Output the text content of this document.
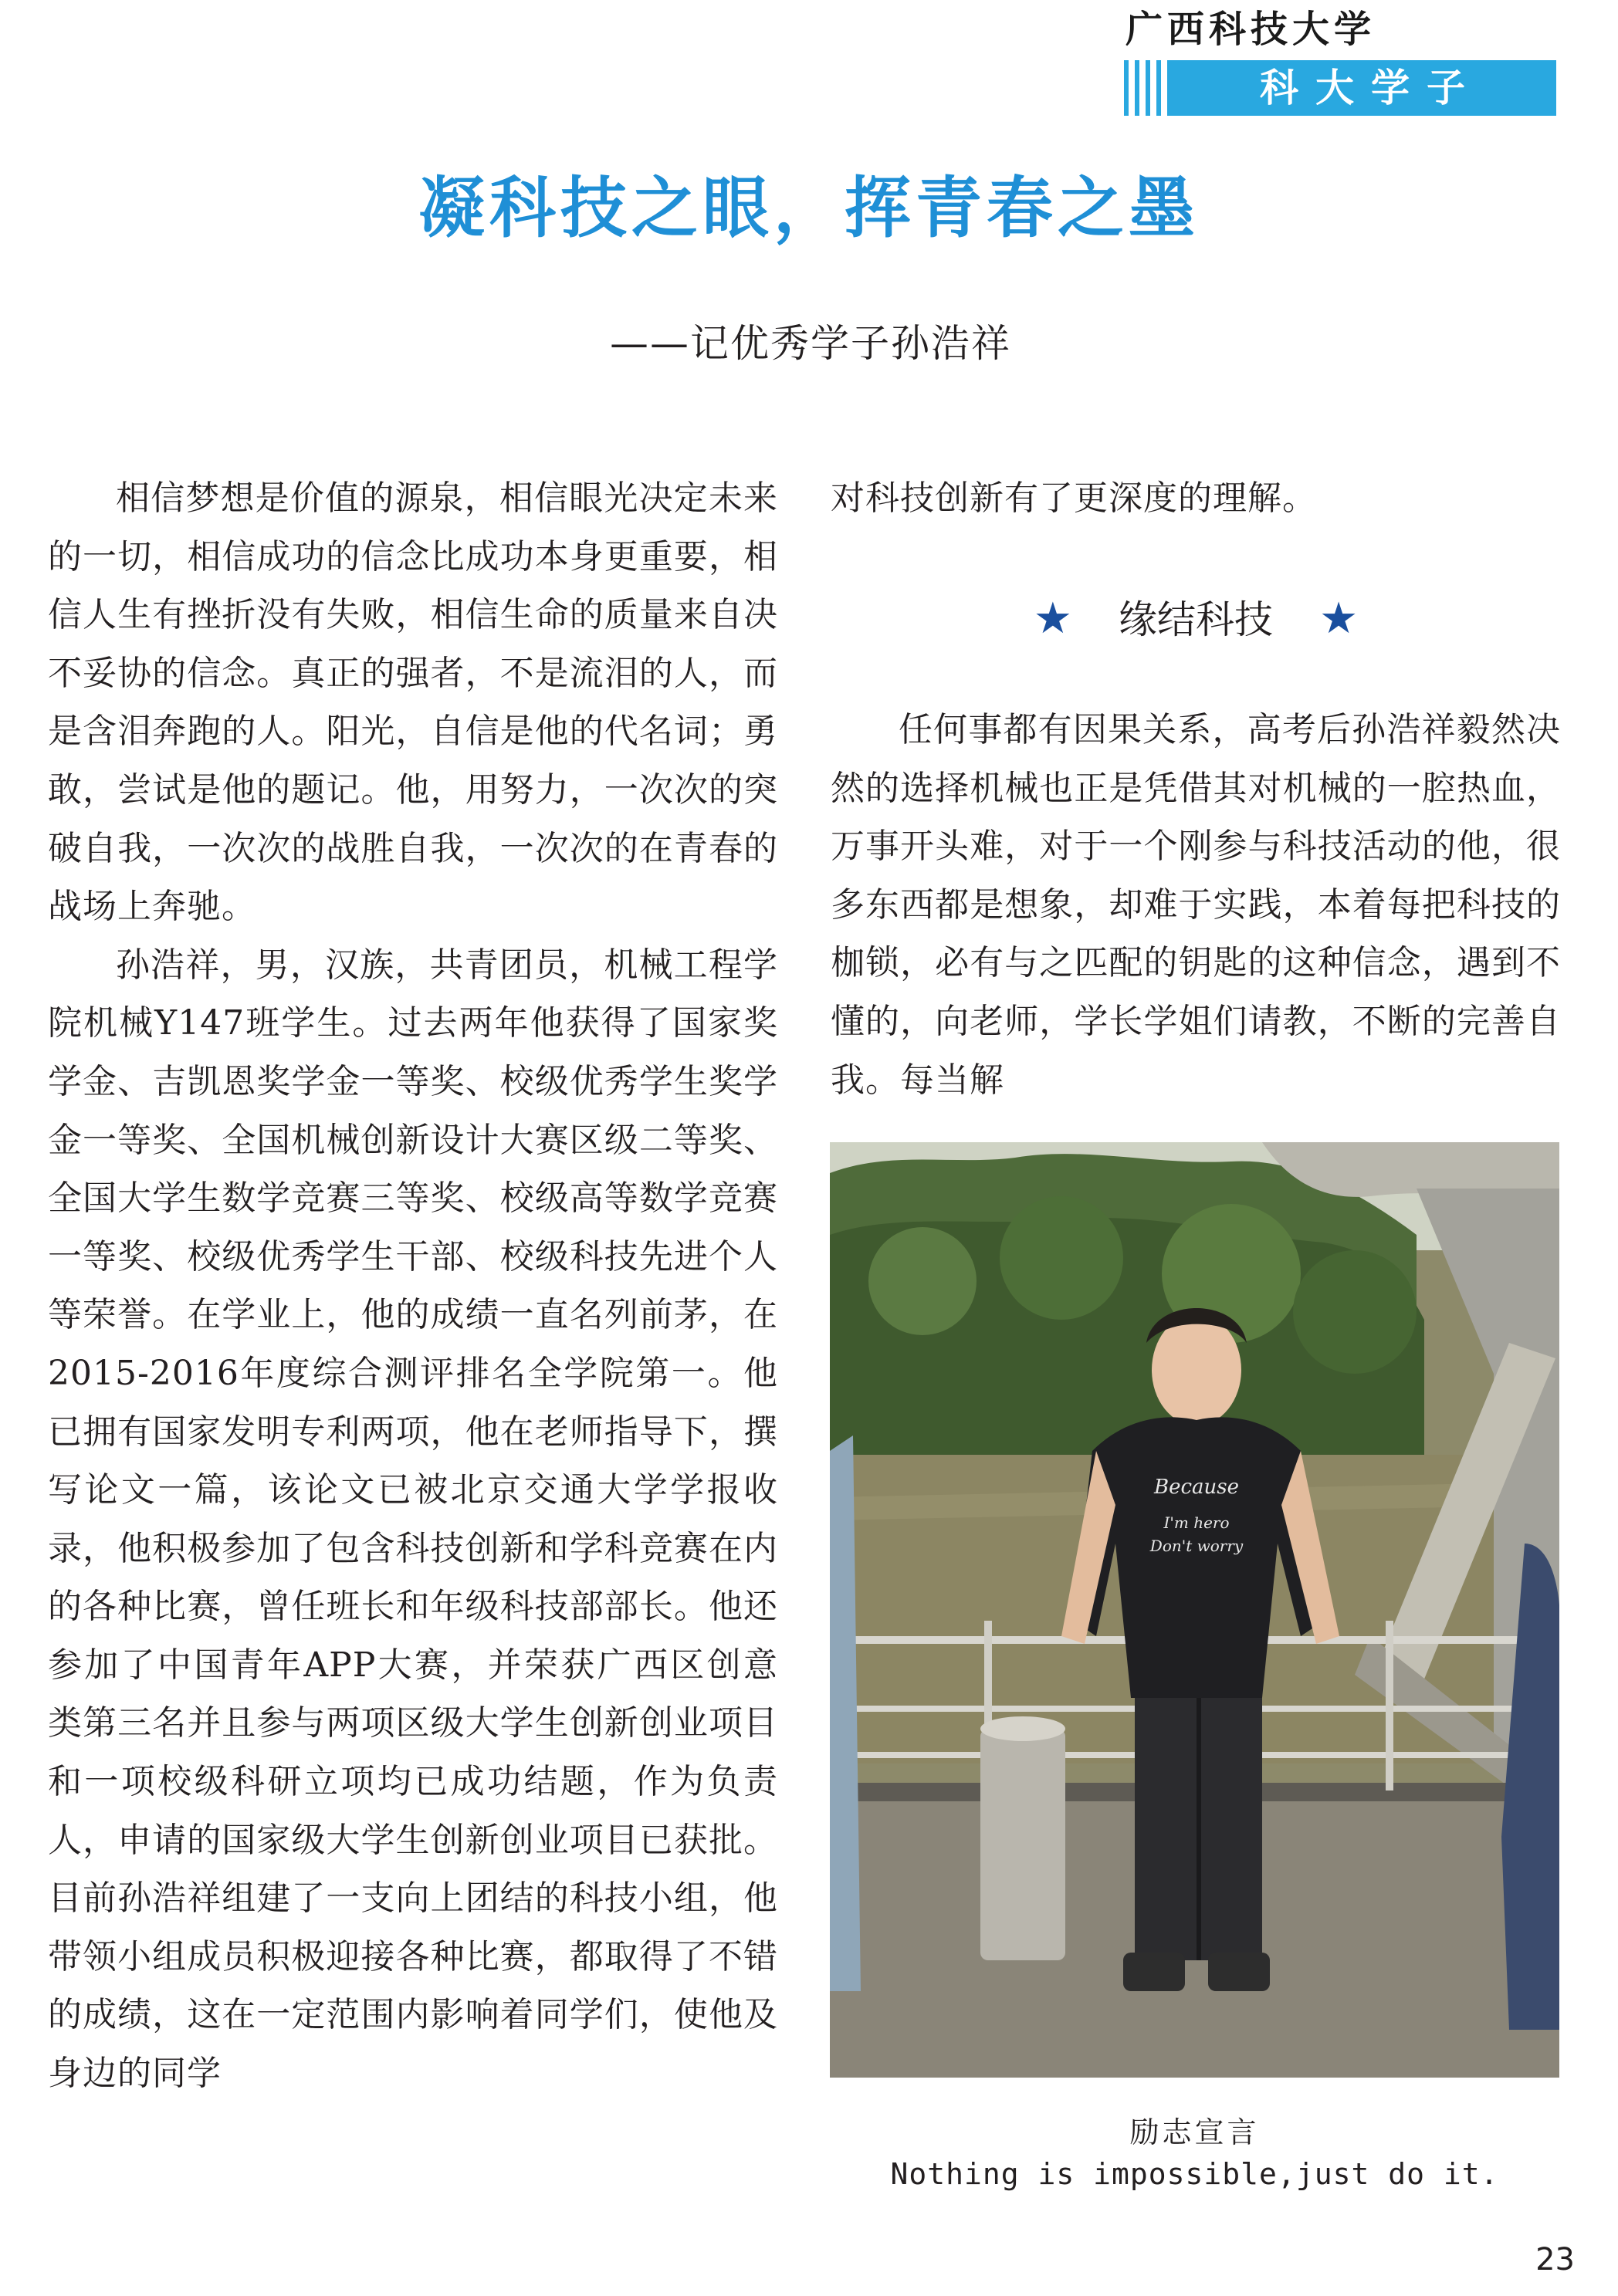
广西科技大学
科大学子
凝科技之眼，挥青春之墨
——记优秀学子孙浩祥

相信梦想是价值的源泉，相信眼光决定未来的一切，相信成功的信念比成功本身更重要，相信人生有挫折没有失败，相信生命的质量来自决不妥协的信念。真正的强者，不是流泪的人，而是含泪奔跑的人。阳光，自信是他的代名词；勇敢，尝试是他的题记。他，用努力，一次次的突破自我，一次次的战胜自我，一次次的在青春的战场上奔驰。

孙浩祥，男，汉族，共青团员，机械工程学院机械Y147班学生。过去两年他获得了国家奖学金、吉凯恩奖学金一等奖、校级优秀学生奖学金一等奖、全国机械创新设计大赛区级二等奖、全国大学生数学竞赛三等奖、校级高等数学竞赛一等奖、校级优秀学生干部、校级科技先进个人等荣誉。在学业上，他的成绩一直名列前茅，在2015-2016年度综合测评排名全学院第一。他已拥有国家发明专利两项，他在老师指导下，撰写论文一篇，该论文已被北京交通大学学报收录，他积极参加了包含科技创新和学科竞赛在内的各种比赛，曾任班长和年级科技部部长。他还参加了中国青年APP大赛，并荣获广西区创意类第三名并且参与两项区级大学生创新创业项目和一项校级科研立项均已成功结题，作为负责人，申请的国家级大学生创新创业项目已获批。目前孙浩祥组建了一支向上团结的科技小组，他带领小组成员积极迎接各种比赛，都取得了不错的成绩，这在一定范围内影响着同学们，使他及身边的同学

对科技创新有了更深度的理解。

★ 缘结科技 ★

任何事都有因果关系，高考后孙浩祥毅然决然的选择机械也正是凭借其对机械的一腔热血，万事开头难，对于一个刚参与科技活动的他，很多东西都是想象，却难于实践，本着每把科技的枷锁，必有与之匹配的钥匙的这种信念，遇到不懂的，向老师，学长学姐们请教，不断的完善自我。每当解

Because
I'm hero
Don't worry
励志宣言
Nothing is impossible,just do it.
23
